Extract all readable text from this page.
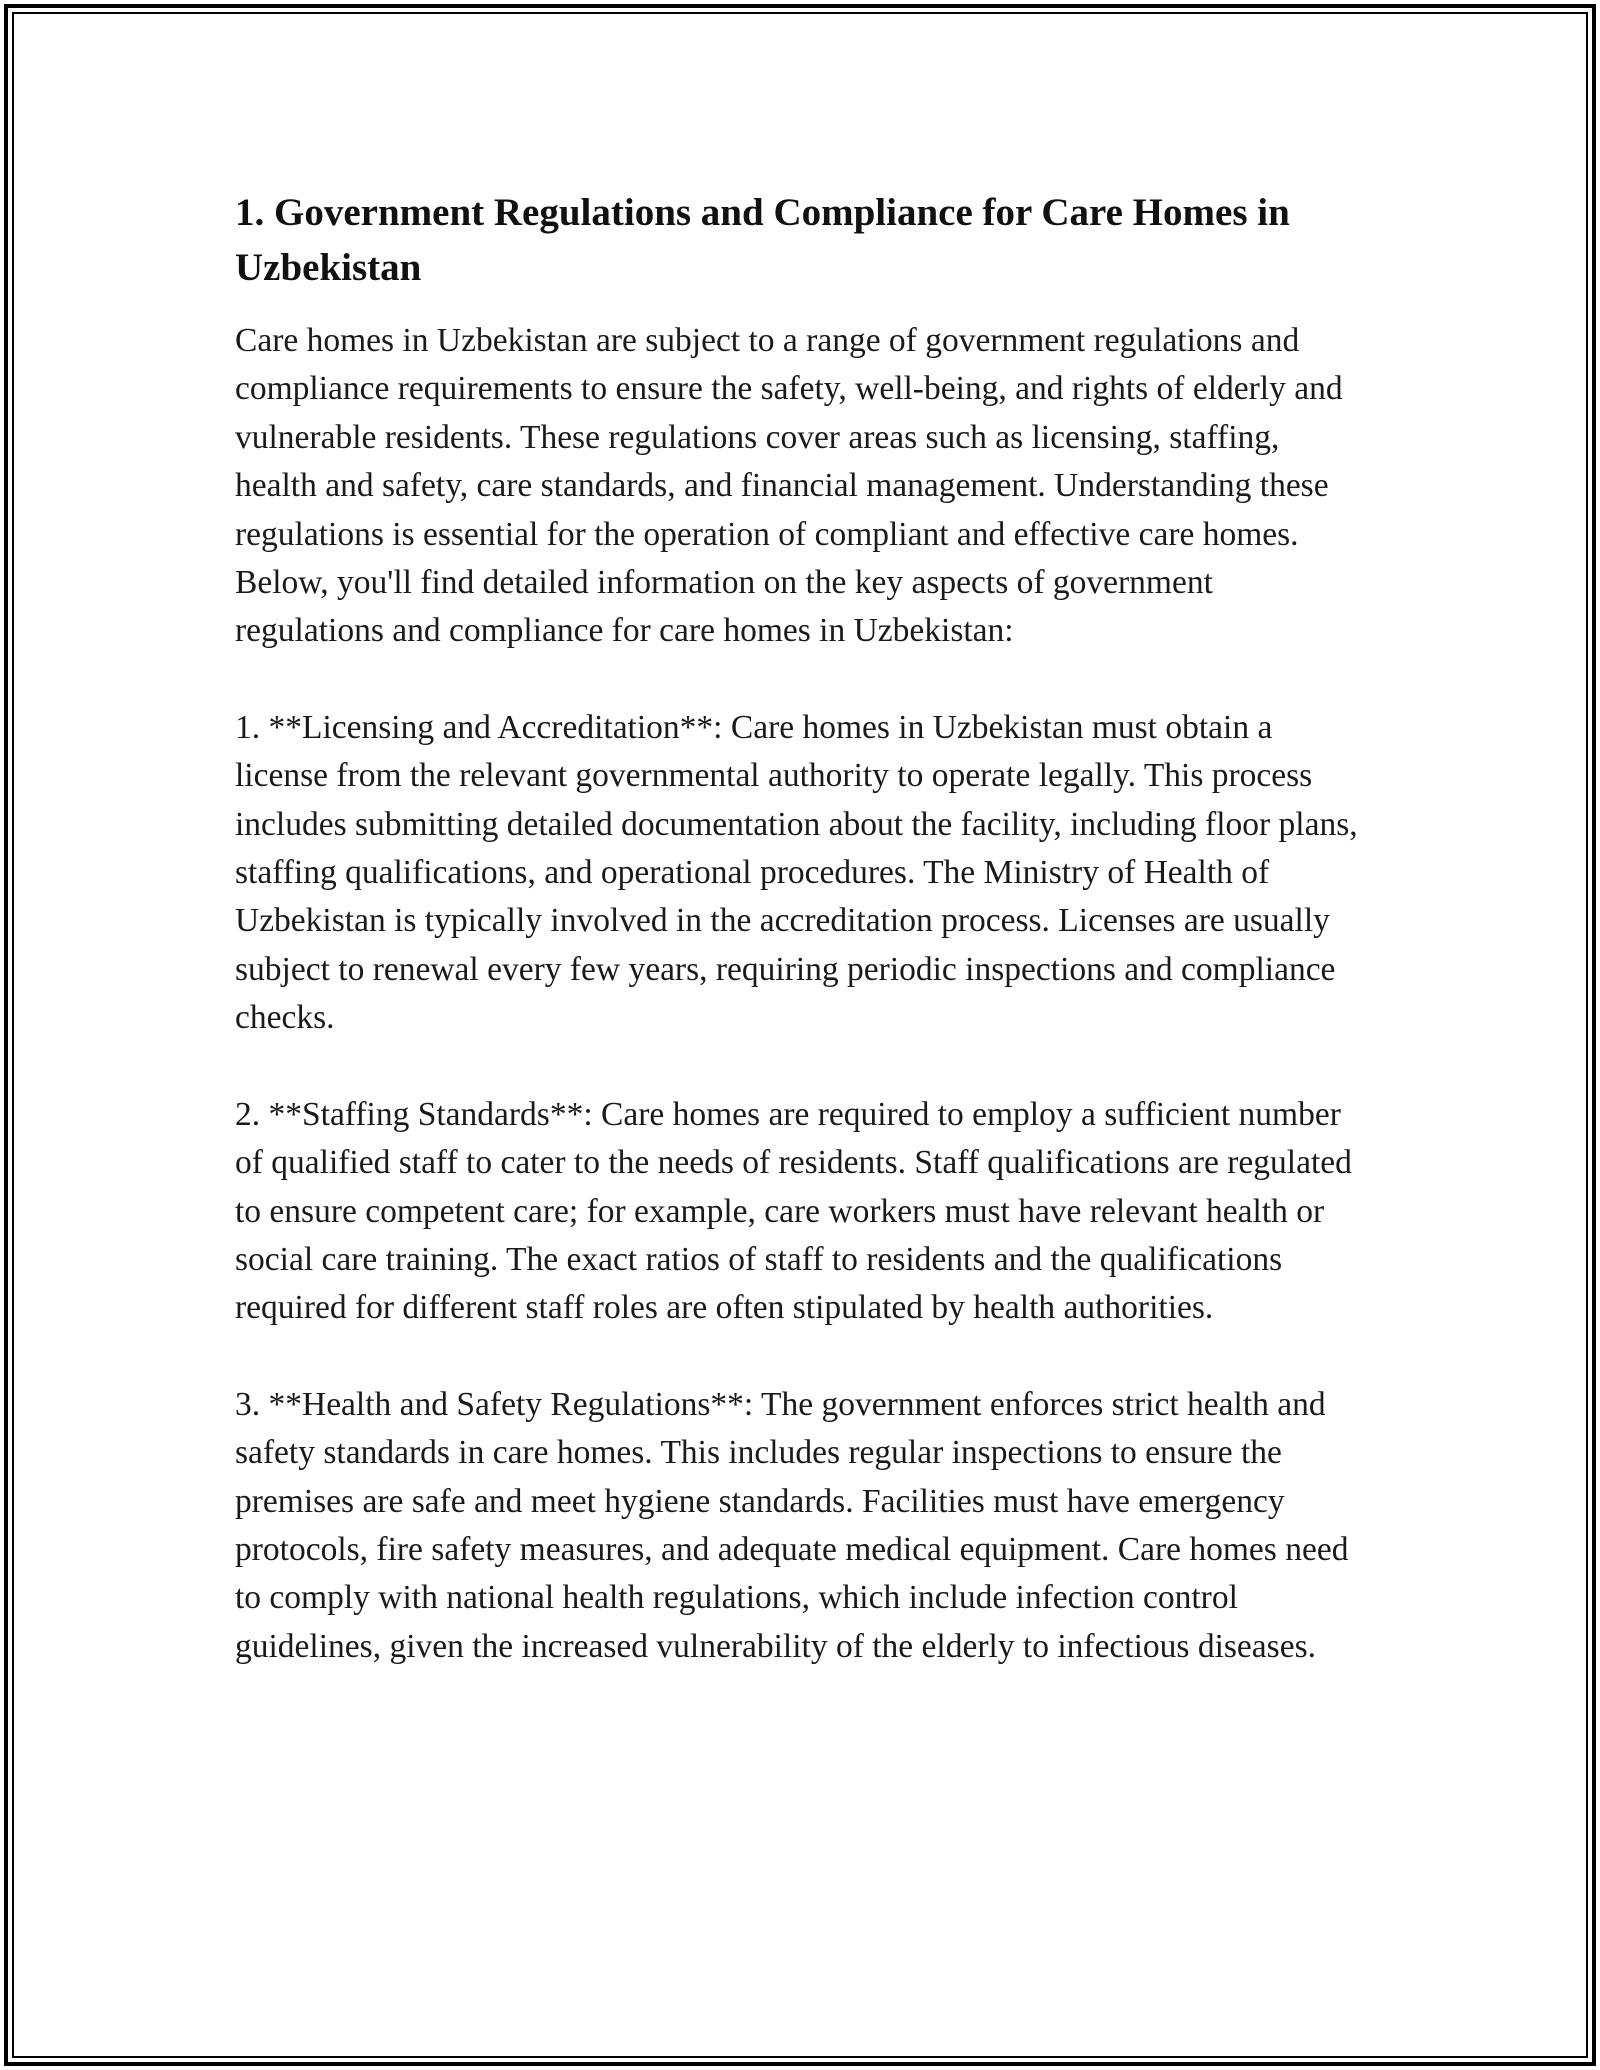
1. Government Regulations and Compliance for Care Homes in Uzbekistan

Care homes in Uzbekistan are subject to a range of government regulations and compliance requirements to ensure the safety, well-being, and rights of elderly and vulnerable residents. These regulations cover areas such as licensing, staffing, health and safety, care standards, and financial management. Understanding these regulations is essential for the operation of compliant and effective care homes. Below, you'll find detailed information on the key aspects of government regulations and compliance for care homes in Uzbekistan:

1. **Licensing and Accreditation**: Care homes in Uzbekistan must obtain a license from the relevant governmental authority to operate legally. This process includes submitting detailed documentation about the facility, including floor plans, staffing qualifications, and operational procedures. The Ministry of Health of Uzbekistan is typically involved in the accreditation process. Licenses are usually subject to renewal every few years, requiring periodic inspections and compliance checks.

2. **Staffing Standards**: Care homes are required to employ a sufficient number of qualified staff to cater to the needs of residents. Staff qualifications are regulated to ensure competent care; for example, care workers must have relevant health or social care training. The exact ratios of staff to residents and the qualifications required for different staff roles are often stipulated by health authorities.

3. **Health and Safety Regulations**: The government enforces strict health and safety standards in care homes. This includes regular inspections to ensure the premises are safe and meet hygiene standards. Facilities must have emergency protocols, fire safety measures, and adequate medical equipment. Care homes need to comply with national health regulations, which include infection control guidelines, given the increased vulnerability of the elderly to infectious diseases.
